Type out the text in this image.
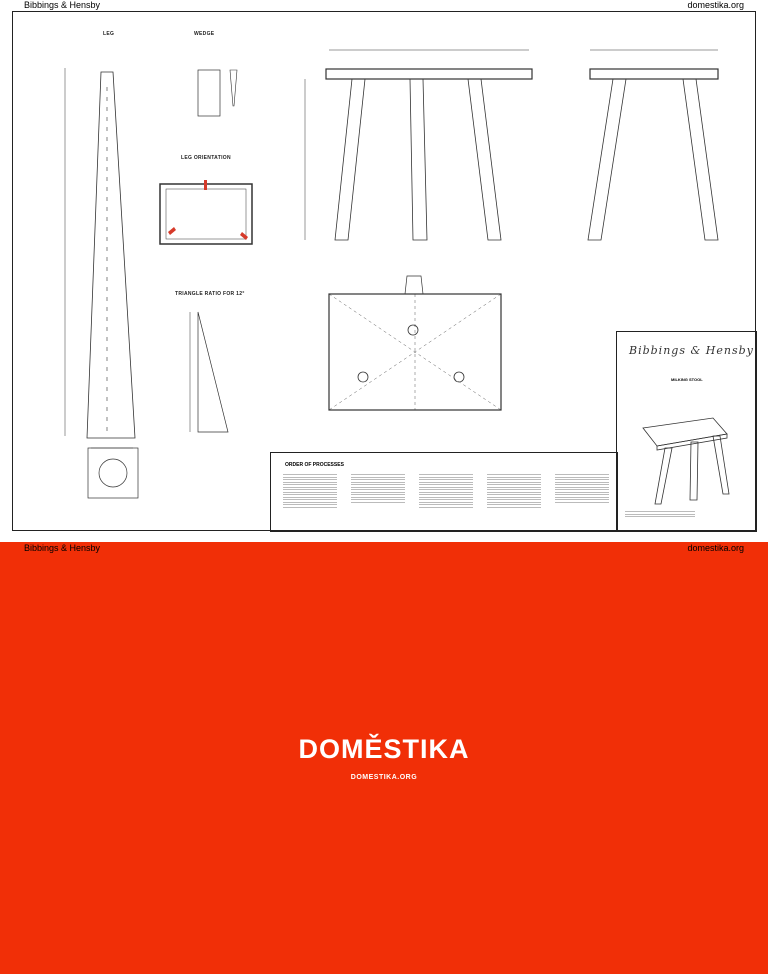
Bibbings & Hensby	domestika.org
LEG	WEDGE
LEG ORIENTATION
TRIANGLE RATIO FOR 12°
ORDER OF PROCESSES
Bibbings & Hensby
MILKING STOOL
DOMĚSTIKA
DOMESTIKA.ORG
Bibbings & Hensby	domestika.org
